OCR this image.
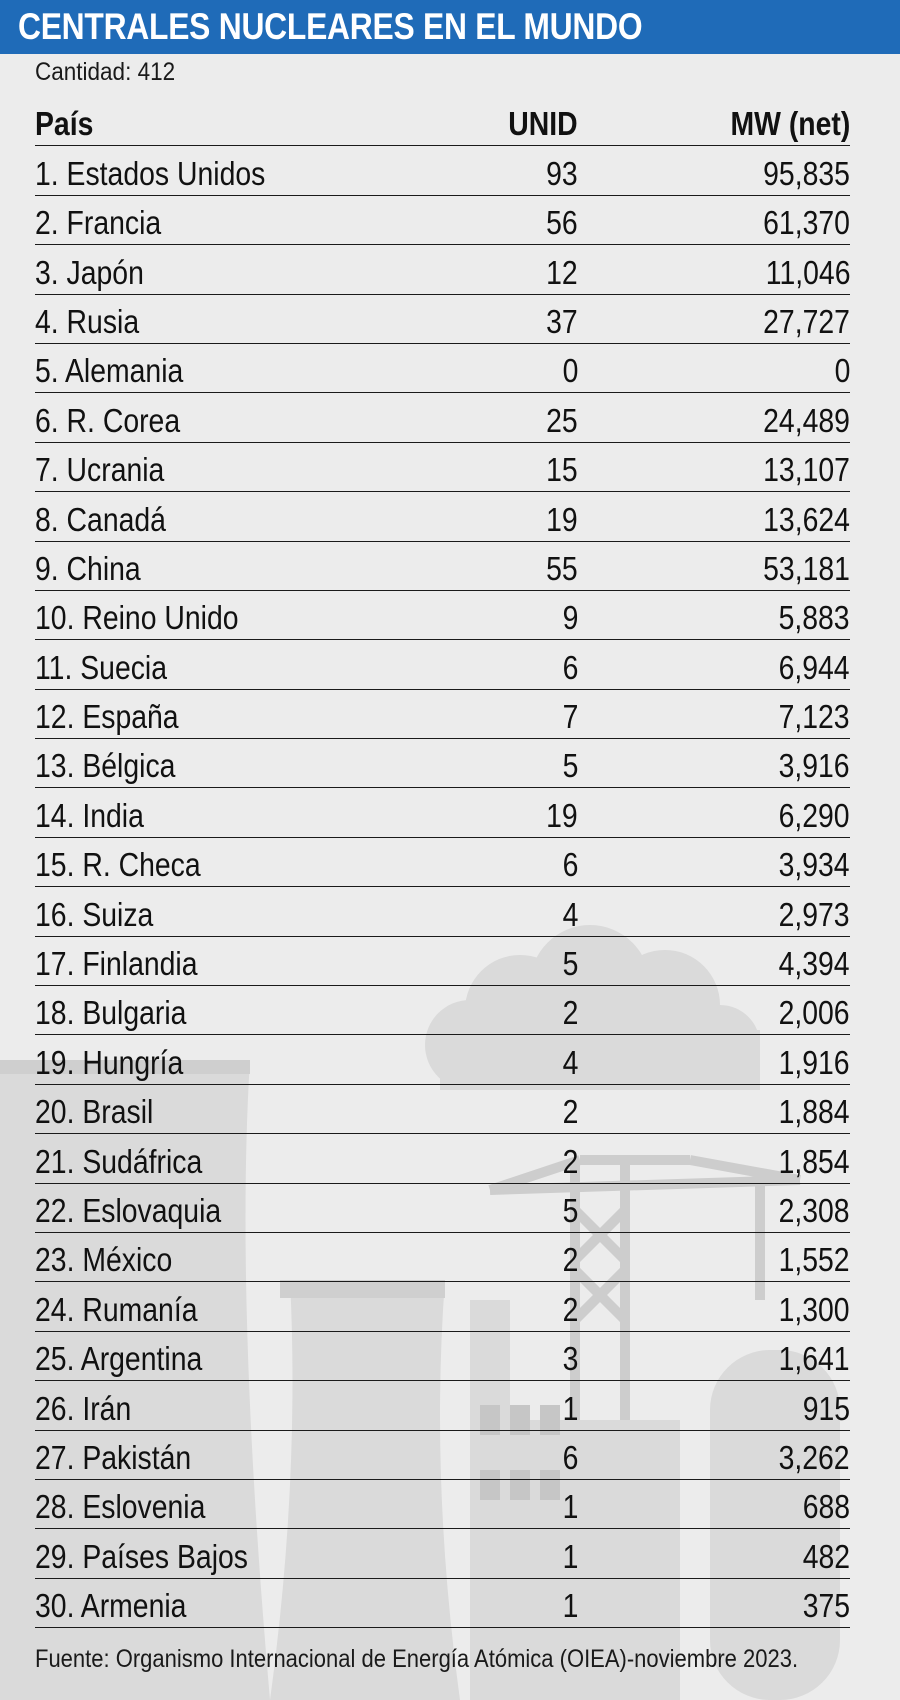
CENTRALES NUCLEARES EN EL MUNDO
Cantidad: 412
País	UNID	MW (net)
1. Estados Unidos	93	95,835
2. Francia	56	61,370
3. Japón	12	11,046
4. Rusia	37	27,727
5. Alemania	0	0
6. R. Corea	25	24,489
7. Ucrania	15	13,107
8. Canadá	19	13,624
9. China	55	53,181
10. Reino Unido	9	5,883
11. Suecia	6	6,944
12. España	7	7,123
13. Bélgica	5	3,916
14. India	19	6,290
15. R. Checa	6	3,934
16. Suiza	4	2,973
17. Finlandia	5	4,394
18. Bulgaria	2	2,006
19. Hungría	4	1,916
20. Brasil	2	1,884
21. Sudáfrica	2	1,854
22. Eslovaquia	5	2,308
23. México	2	1,552
24. Rumanía	2	1,300
25. Argentina	3	1,641
26. Irán	1	915
27. Pakistán	6	3,262
28. Eslovenia	1	688
29. Países Bajos	1	482
30. Armenia	1	375
Fuente: Organismo Internacional de Energía Atómica (OIEA)-noviembre 2023.
